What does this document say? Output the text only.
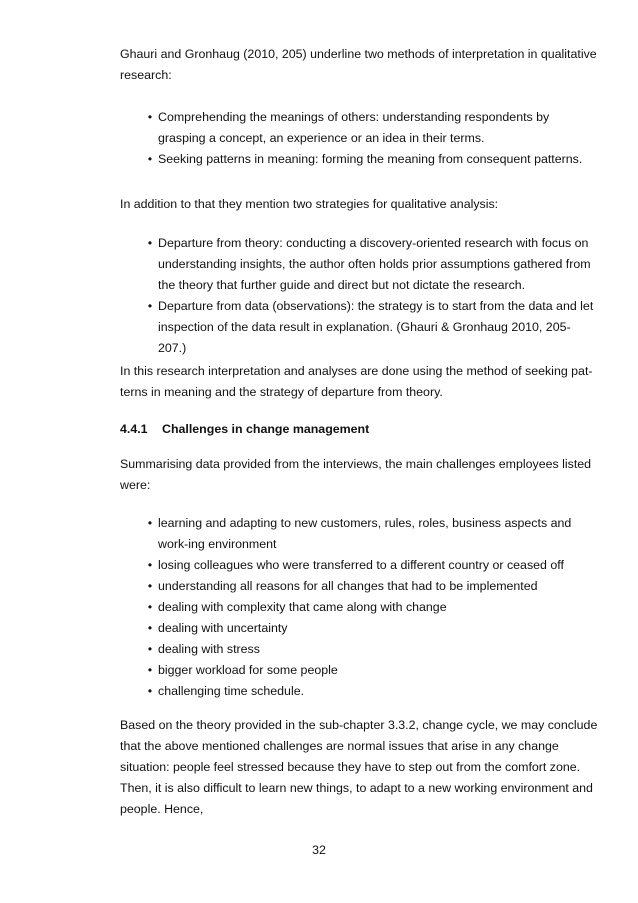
Ghauri and Gronhaug (2010, 205) underline two methods of interpretation in qualitative research:

• Comprehending the meanings of others: understanding respondents by grasping a concept, an experience or an idea in their terms.
• Seeking patterns in meaning: forming the meaning from consequent patterns.

In addition to that they mention two strategies for qualitative analysis:

• Departure from theory: conducting a discovery-oriented research with focus on understanding insights, the author often holds prior assumptions gathered from the theory that further guide and direct but not dictate the research.
• Departure from data (observations): the strategy is to start from the data and let inspection of the data result in explanation. (Ghauri & Gronhaug 2010, 205-207.)

In this research interpretation and analyses are done using the method of seeking pat-terns in meaning and the strategy of departure from theory.

4.4.1 Challenges in change management

Summarising data provided from the interviews, the main challenges employees listed were:

• learning and adapting to new customers, rules, roles, business aspects and work-ing environment
• losing colleagues who were transferred to a different country or ceased off
• understanding all reasons for all changes that had to be implemented
• dealing with complexity that came along with change
• dealing with uncertainty
• dealing with stress
• bigger workload for some people
• challenging time schedule.

Based on the theory provided in the sub-chapter 3.3.2, change cycle, we may conclude that the above mentioned challenges are normal issues that arise in any change situation: people feel stressed because they have to step out from the comfort zone. Then, it is also difficult to learn new things, to adapt to a new working environment and people. Hence,

32
